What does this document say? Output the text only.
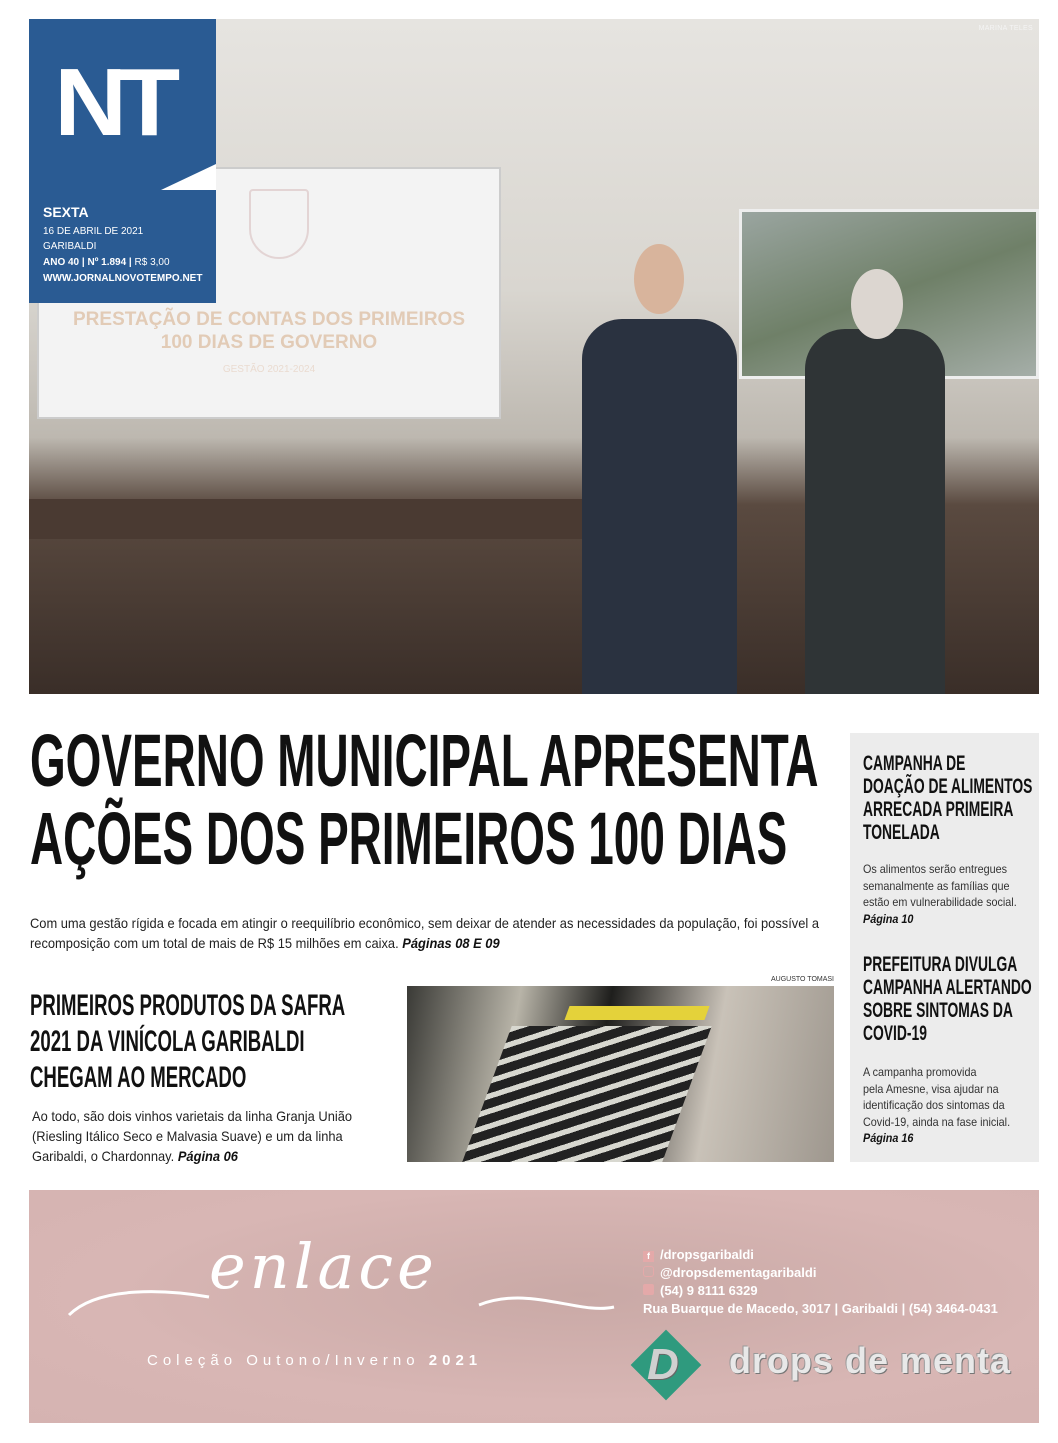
PRESTAÇÃO DE CONTAS DOS PRIMEIROS
100 DIAS DE GOVERNO
GESTÃO 2021-2024
MARINA TELES
NT
SEXTA
16 DE ABRIL DE 2021
GARIBALDI
ANO 40 | Nº 1.894 | R$ 3,00
WWW.JORNALNOVOTEMPO.NET
GOVERNO MUNICIPAL APRESENTA
AÇÕES DOS PRIMEIROS 100 DIAS
Com uma gestão rígida e focada em atingir o reequilíbrio econômico, sem deixar de atender as necessidades da população, foi possível a
recomposição com um total de mais de R$ 15 milhões em caixa. Páginas 08 E 09
PRIMEIROS PRODUTOS DA SAFRA
2021 DA VINÍCOLA GARIBALDI
CHEGAM AO MERCADO
Ao todo, são dois vinhos varietais da linha Granja União
(Riesling Itálico Seco e Malvasia Suave) e um da linha
Garibaldi, o Chardonnay. Página 06
AUGUSTO TOMASI
CAMPANHA DE
DOAÇÃO DE ALIMENTOS
ARRECADA PRIMEIRA
TONELADA
Os alimentos serão entregues
semanalmente as famílias que
estão em vulnerabilidade social.
Página 10
PREFEITURA DIVULGA
CAMPANHA ALERTANDO
SOBRE SINTOMAS DA
COVID-19
A campanha promovida
pela Amesne, visa ajudar na
identificação dos sintomas da
Covid-19, ainda na fase inicial.
Página 16
enlace
Coleção Outono/Inverno 2021
f /dropsgaribaldi
@dropsdementagaribaldi
(54) 9 8111 6329
Rua Buarque de Macedo, 3017 | Garibaldi | (54) 3464-0431
D drops de menta
